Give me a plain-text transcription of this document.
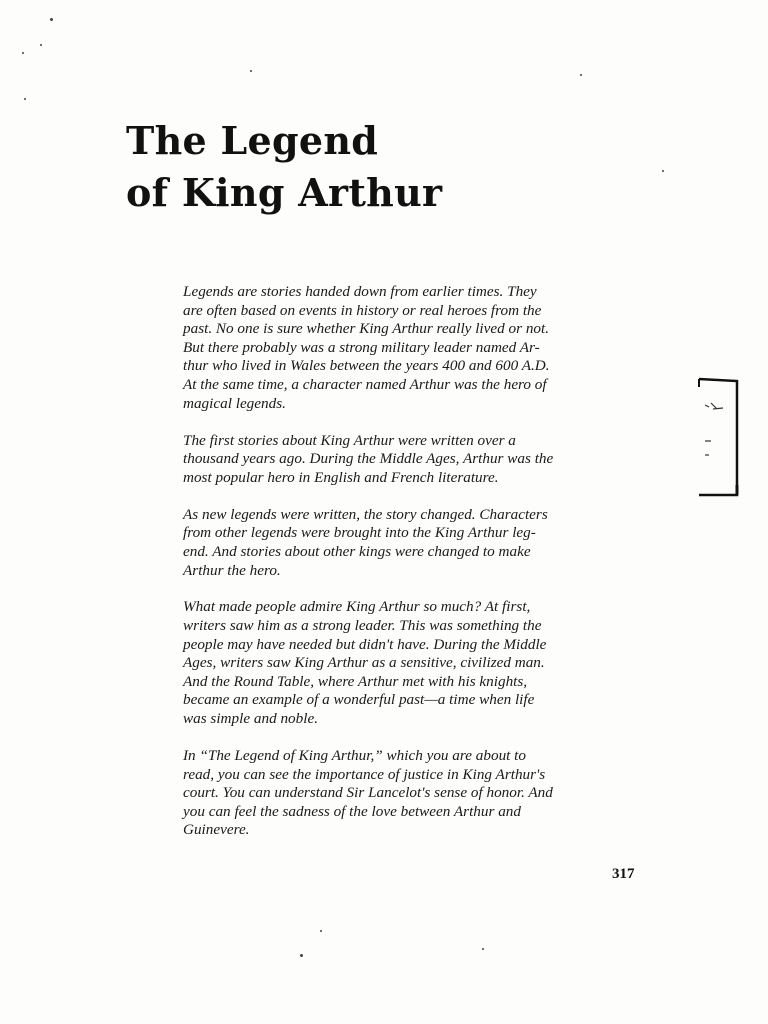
The Legend
of King Arthur

Legends are stories handed down from earlier times. They
are often based on events in history or real heroes from the
past. No one is sure whether King Arthur really lived or not.
But there probably was a strong military leader named Ar-
thur who lived in Wales between the years 400 and 600 A.D.
At the same time, a character named Arthur was the hero of
magical legends.

The first stories about King Arthur were written over a
thousand years ago. During the Middle Ages, Arthur was the
most popular hero in English and French literature.

As new legends were written, the story changed. Characters
from other legends were brought into the King Arthur leg-
end. And stories about other kings were changed to make
Arthur the hero.

What made people admire King Arthur so much? At first,
writers saw him as a strong leader. This was something the
people may have needed but didn't have. During the Middle
Ages, writers saw King Arthur as a sensitive, civilized man.
And the Round Table, where Arthur met with his knights,
became an example of a wonderful past—a time when life
was simple and noble.

In “The Legend of King Arthur,” which you are about to
read, you can see the importance of justice in King Arthur's
court. You can understand Sir Lancelot's sense of honor. And
you can feel the sadness of the love between Arthur and
Guinevere.

317
